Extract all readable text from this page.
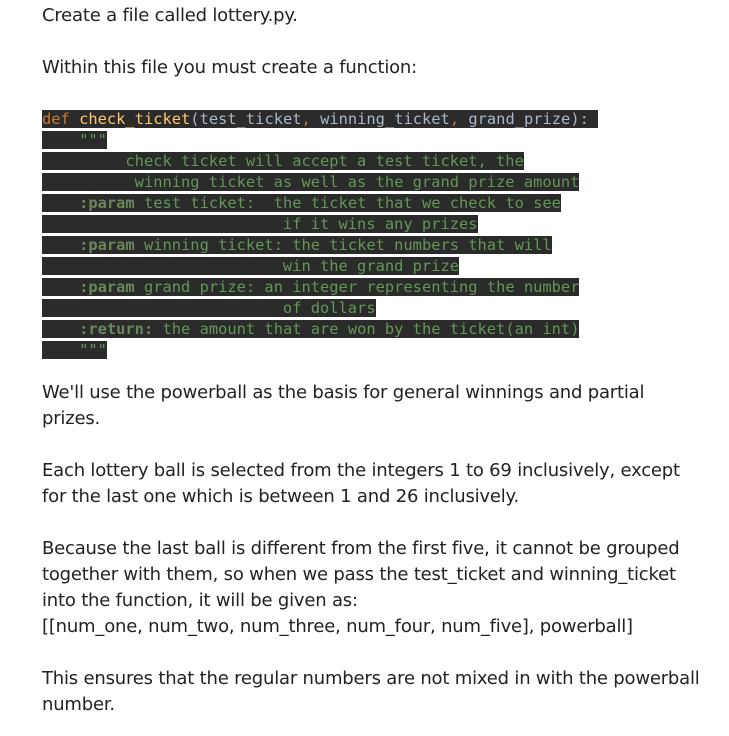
Create a file called lottery.py.

Within this file you must create a function:

def check_ticket(test_ticket, winning_ticket, grand_prize):
"""
check ticket will accept a test ticket, the
winning ticket as well as the grand prize amount
:param test ticket:  the ticket that we check to see
if it wins any prizes
:param winning ticket: the ticket numbers that will
win the grand prize
:param grand prize: an integer representing the number
of dollars
:return: the amount that are won by the ticket(an int)
"""

We'll use the powerball as the basis for general winnings and partial prizes.

Each lottery ball is selected from the integers 1 to 69 inclusively, except for the last one which is between 1 and 26 inclusively.

Because the last ball is different from the first five, it cannot be grouped together with them, so when we pass the test_ticket and winning_ticket into the function, it will be given as:
[[num_one, num_two, num_three, num_four, num_five], powerball]

This ensures that the regular numbers are not mixed in with the powerball number.
